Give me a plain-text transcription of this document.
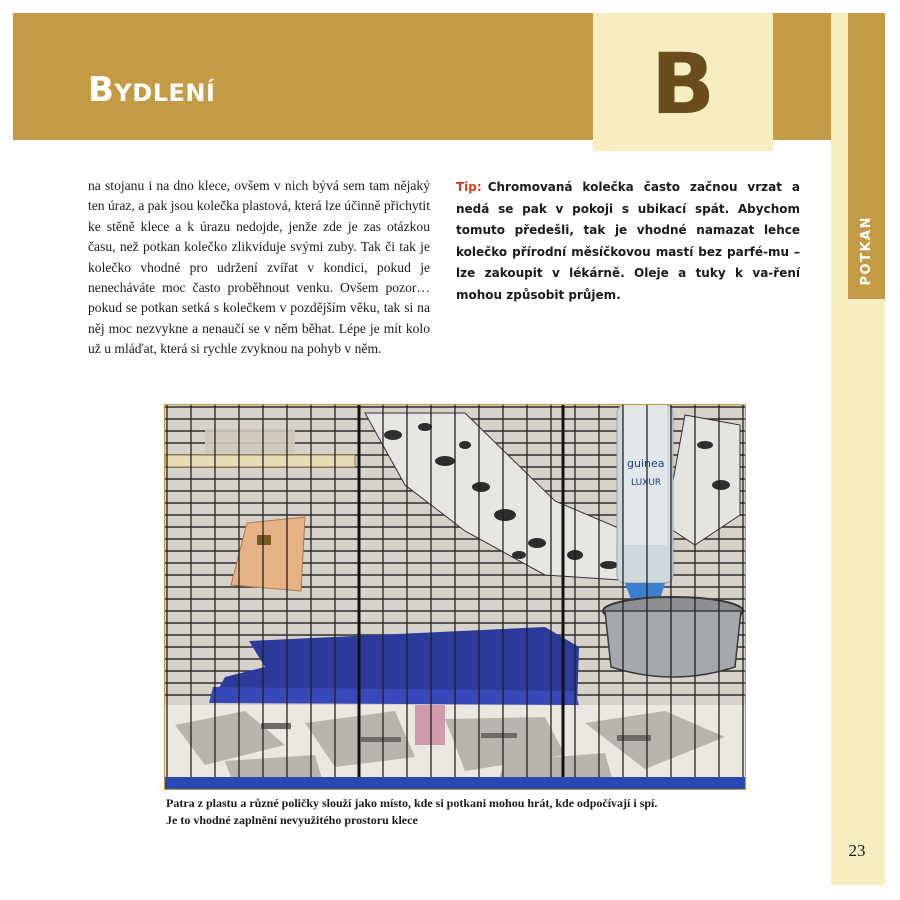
Bydlení	B
POTKAN

na stojanu i na dno klece, ovšem v nich bývá sem tam nějaký ten úraz, a pak jsou kolečka plastová, která lze účinně přichytit ke stěně klece a k úrazu nedojde, jenže zde je zas otázkou času, než potkan kolečko zlikviduje svými zuby. Tak či tak je kolečko vhodné pro udržení zvířat v kondici, pokud je nenecháváte moc často proběhnout venku. Ovšem pozor…pokud se potkan setká s kolečkem v pozdějším věku, tak si na něj moc nezvykne a nenaučí se v něm běhat. Lépe je mít kolo už u mláďat, která si rychle zvyknou na pohyb v něm.

Tip: Chromovaná kolečka často začnou vrzat a nedá se pak v pokoji s ubikací spát. Abychom tomuto předešli, tak je vhodné namazat lehce kolečko přírodní měsíčkovou mastí bez parfé-mu – lze zakoupit v lékárně. Oleje a tuky k va-ření mohou způsobit průjem.

Patra z plastu a různé poličky slouží jako místo, kde si potkani mohou hrát, kde odpočívají i spí.
Je to vhodné zaplnění nevyužitého prostoru klece
23
